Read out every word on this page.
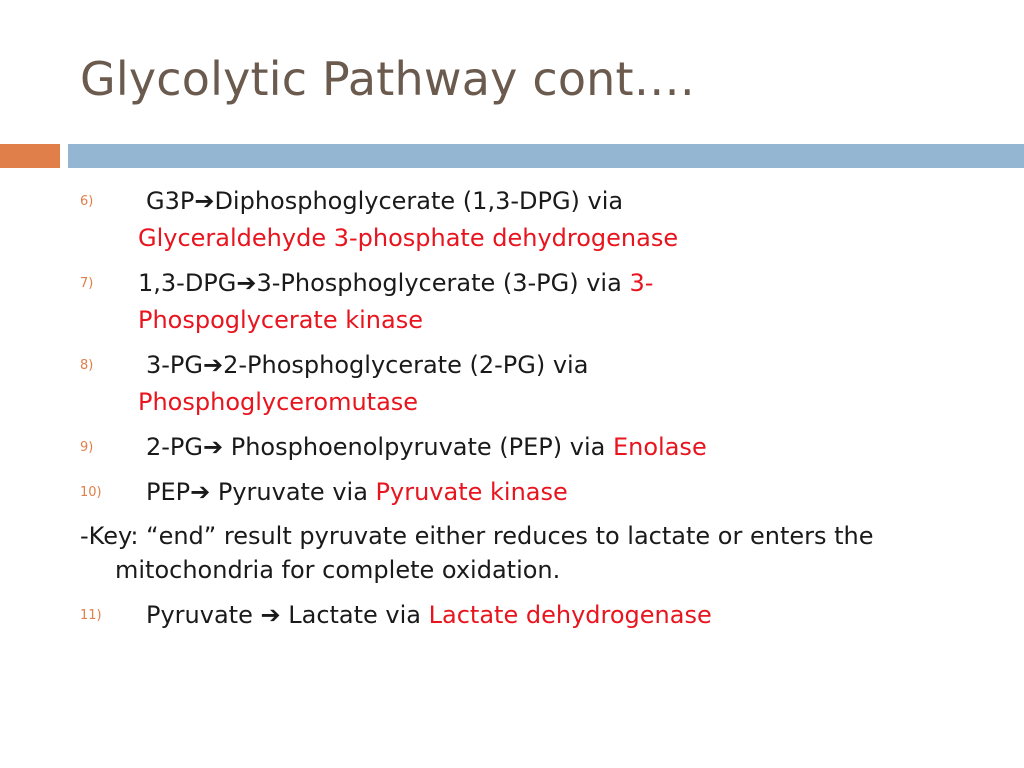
Glycolytic Pathway cont….
6) G3P➔Diphosphoglycerate (1,3-DPG) via
Glyceraldehyde 3-phosphate dehydrogenase
7) 1,3-DPG➔3-Phosphoglycerate (3-PG) via 3-
Phospoglycerate kinase
8) 3-PG➔2-Phosphoglycerate (2-PG) via
Phosphoglyceromutase
9) 2-PG➔ Phosphoenolpyruvate (PEP) via Enolase
10) PEP➔ Pyruvate via Pyruvate kinase
-Key: “end” result pyruvate either reduces to lactate or enters the mitochondria for complete oxidation.
11) Pyruvate ➔ Lactate via Lactate dehydrogenase
